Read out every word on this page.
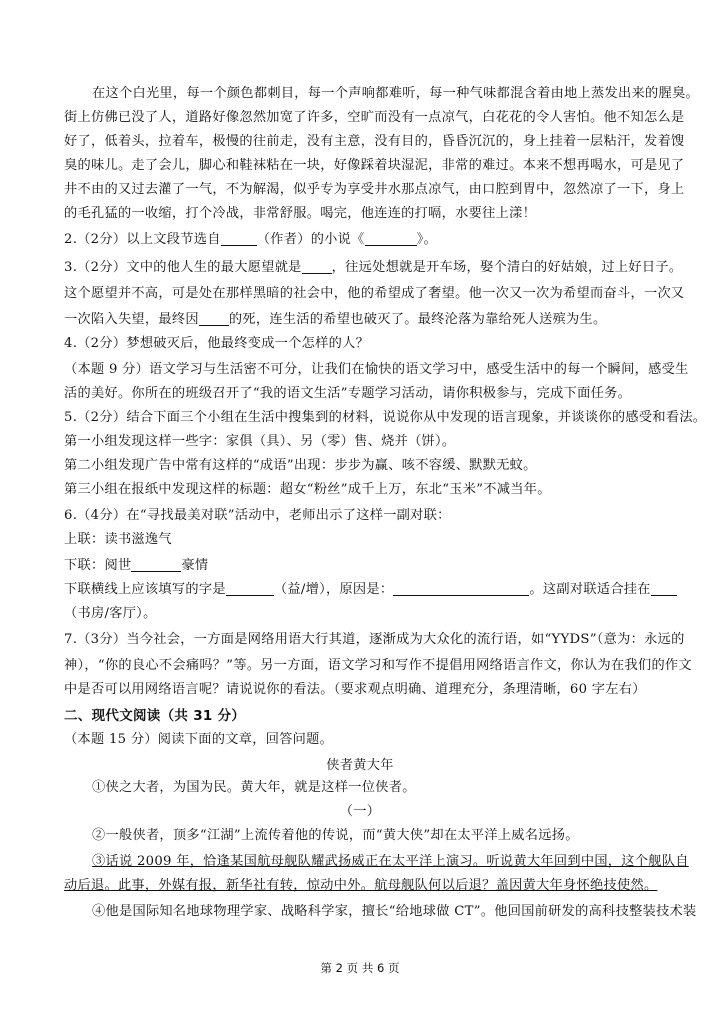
在这个白光里，每一个颜色都刺目，每一个声响都难听，每一种气味都混含着由地上蒸发出来的腥臭。
街上仿佛已没了人，道路好像忽然加宽了许多，空旷而没有一点凉气，白花花的令人害怕。他不知怎么是
好了，低着头，拉着车，极慢的往前走，没有主意，没有目的，昏昏沉沉的，身上挂着一层粘汗，发着馊
臭的味儿。走了会儿，脚心和鞋袜粘在一块，好像踩着块湿泥，非常的难过。本来不想再喝水，可是见了
井不由的又过去灌了一气，不为解渴，似乎专为享受井水那点凉气，由口腔到胃中，忽然凉了一下，身上
的毛孔猛的一收缩，打个冷战，非常舒服。喝完，他连连的打嗝，水要往上漾！
2.（2分）以上文段节选自	（作者）的小说《	》。
3.（2分）文中的他人生的最大愿望就是 ，往远处想就是开车场，娶个清白的好姑娘，过上好日子。
这个愿望并不高，可是处在那样黑暗的社会中，他的希望成了奢望。他一次又一次为希望而奋斗，一次又
一次陷入失望，最终因 的死，连生活的希望也破灭了。最终沦落为靠给死人送殡为生。
4.（2分）梦想破灭后，他最终变成一个怎样的人？
（本题 9 分）语文学习与生活密不可分，让我们在愉快的语文学习中，感受生活中的每一个瞬间，感受生
活的美好。你所在的班级召开了“我的语文生活”专题学习活动，请你积极参与，完成下面任务。
5.（2分）结合下面三个小组在生活中搜集到的材料，说说你从中发现的语言现象，并谈谈你的感受和看法。
第一小组发现这样一些字：家俱（具）、另（零）售、烧并（饼）。
第二小组发现广告中常有这样的“成语”出现：步步为赢、咳不容缓、默默无蚊。
第三小组在报纸中发现这样的标题：超女“粉丝”成千上万，东北“玉米”不减当年。
6.（4分）在“寻找最美对联”活动中，老师出示了这样一副对联：
上联：读书滋逸气
下联：阅世	豪情
下联横线上应该填写的字是	（益/增），原因是：	。这副对联适合挂在
（书房/客厅）。
7.（3分）当今社会，一方面是网络用语大行其道，逐渐成为大众化的流行语，如“YYDS”（意为：永远的
神），“你的良心不会痛吗？”等。另一方面，语文学习和写作不提倡用网络语言作文，你认为在我们的作文
中是否可以用网络语言呢？请说说你的看法。（要求观点明确、道理充分，条理清晰，60 字左右）
二、现代文阅读（共 31 分）
（本题 15 分）阅读下面的文章，回答问题。
侠者黄大年
①侠之大者，为国为民。黄大年，就是这样一位侠者。
（一）
②一般侠者，顶多“江湖”上流传着他的传说，而“黄大侠”却在太平洋上威名远扬。
③话说 2009 年，恰逢某国航母舰队耀武扬威正在太平洋上演习。听说黄大年回到中国，这个舰队自
动后退。此事，外媒有报，新华社有转，惊动中外。航母舰队何以后退？盖因黄大年身怀绝技使然。
④他是国际知名地球物理学家、战略科学家，擅长“给地球做 CT”。他回国前研发的高科技整装技术装
第 2 页 共 6 页
